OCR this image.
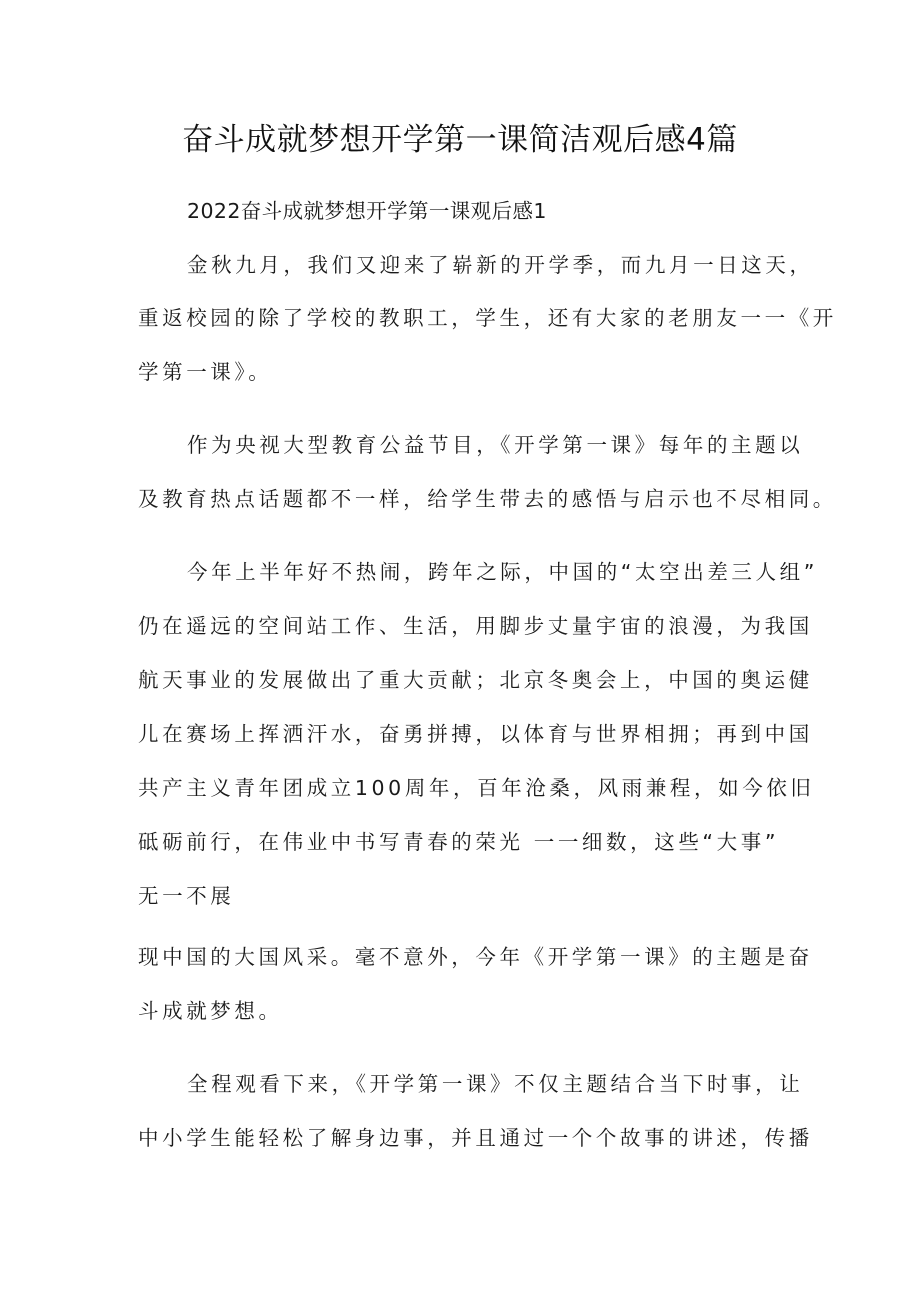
奋斗成就梦想开学第一课简洁观后感4篇
2022奋斗成就梦想开学第一课观后感1
金秋九月，我们又迎来了崭新的开学季，而九月一日这天，
重返校园的除了学校的教职工，学生，还有大家的老朋友一一《开
学第一课》。
作为央视大型教育公益节目，《开学第一课》每年的主题以
及教育热点话题都不一样，给学生带去的感悟与启示也不尽相同。
今年上半年好不热闹，跨年之际，中国的“太空出差三人组”
仍在遥远的空间站工作、生活，用脚步丈量宇宙的浪漫，为我国
航天事业的发展做出了重大贡献；北京冬奥会上，中国的奥运健
儿在赛场上挥洒汗水，奋勇拼搏，以体育与世界相拥；再到中国
共产主义青年团成立100周年，百年沧桑，风雨兼程，如今依旧
砥砺前行，在伟业中书写青春的荣光 一一细数，这些“大事”
无一不展
现中国的大国风采。毫不意外，今年《开学第一课》的主题是奋
斗成就梦想。
全程观看下来，《开学第一课》不仅主题结合当下时事，让
中小学生能轻松了解身边事，并且通过一个个故事的讲述，传播
